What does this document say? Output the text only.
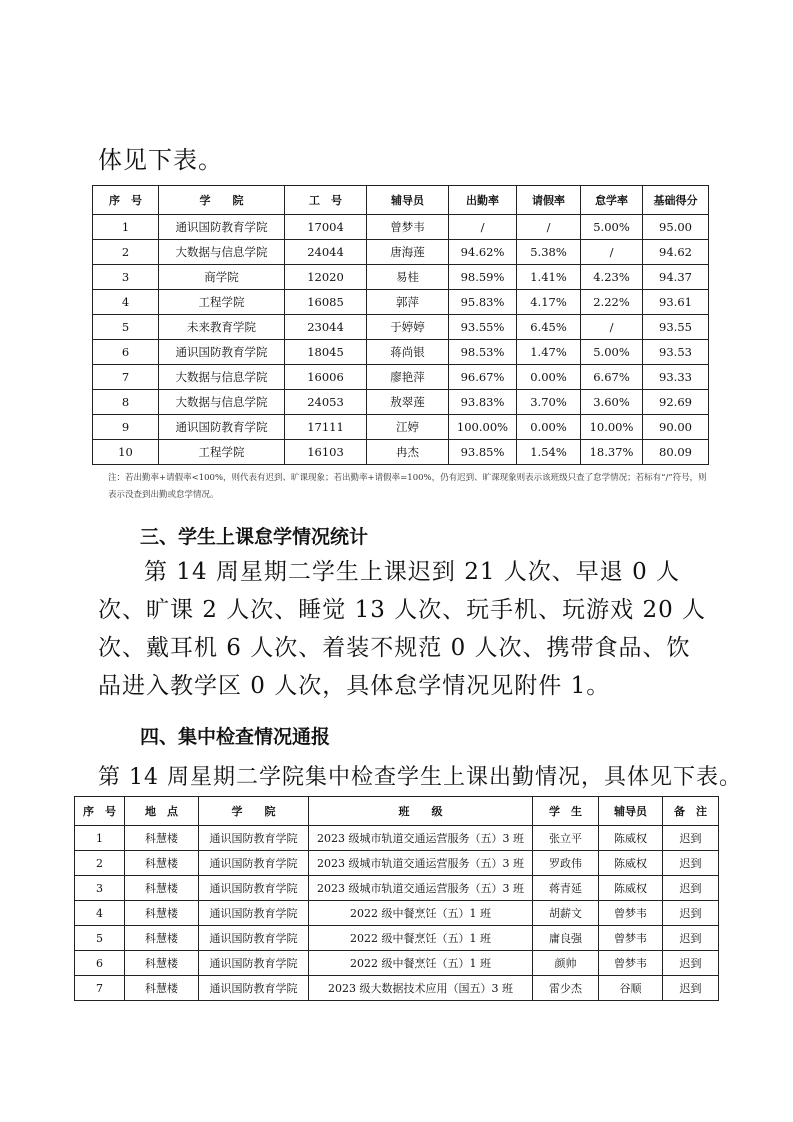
体见下表。
序　号	学　　院	工　号	辅导员	出勤率	请假率	怠学率	基础得分
1	通识国防教育学院	17004	曾梦韦	/	/	5.00%	95.00
2	大数据与信息学院	24044	唐海莲	94.62%	5.38%	/	94.62
3	商学院	12020	易桂	98.59%	1.41%	4.23%	94.37
4	工程学院	16085	郭萍	95.83%	4.17%	2.22%	93.61
5	未来教育学院	23044	于婷婷	93.55%	6.45%	/	93.55
6	通识国防教育学院	18045	蒋尚银	98.53%	1.47%	5.00%	93.53
7	大数据与信息学院	16006	廖艳萍	96.67%	0.00%	6.67%	93.33
8	大数据与信息学院	24053	敖翠莲	93.83%	3.70%	3.60%	92.69
9	通识国防教育学院	17111	江婷	100.00%	0.00%	10.00%	90.00
10	工程学院	16103	冉杰	93.85%	1.54%	18.37%	80.09
注：若出勤率+请假率<100%，则代表有迟到、旷课现象；若出勤率+请假率=100%，仍有迟到、旷课现象则表示该班级只查了怠学情况；若标有“/”符号，则表示没查到出勤或怠学情况。
三、学生上课怠学情况统计
第 14 周星期二学生上课迟到 21 人次、早退 0 人次、旷课 2 人次、睡觉 13 人次、玩手机、玩游戏 20 人次、戴耳机 6 人次、着装不规范 0 人次、携带食品、饮品进入教学区 0 人次，具体怠学情况见附件 1。
四、集中检查情况通报
第 14 周星期二学院集中检查学生上课出勤情况，具体见下表。
序　号	地　点	学　　院	班　　级	学　生	辅导员	备　注
1	科慧楼	通识国防教育学院	2023 级城市轨道交通运营服务（五）3 班	张立平	陈威权	迟到
2	科慧楼	通识国防教育学院	2023 级城市轨道交通运营服务（五）3 班	罗政伟	陈威权	迟到
3	科慧楼	通识国防教育学院	2023 级城市轨道交通运营服务（五）3 班	蒋青延	陈威权	迟到
4	科慧楼	通识国防教育学院	2022 级中餐烹饪（五）1 班	胡薪文	曾梦韦	迟到
5	科慧楼	通识国防教育学院	2022 级中餐烹饪（五）1 班	庸良强	曾梦韦	迟到
6	科慧楼	通识国防教育学院	2022 级中餐烹饪（五）1 班	颜帅	曾梦韦	迟到
7	科慧楼	通识国防教育学院	2023 级大数据技术应用（国五）3 班	雷少杰	谷顺	迟到
